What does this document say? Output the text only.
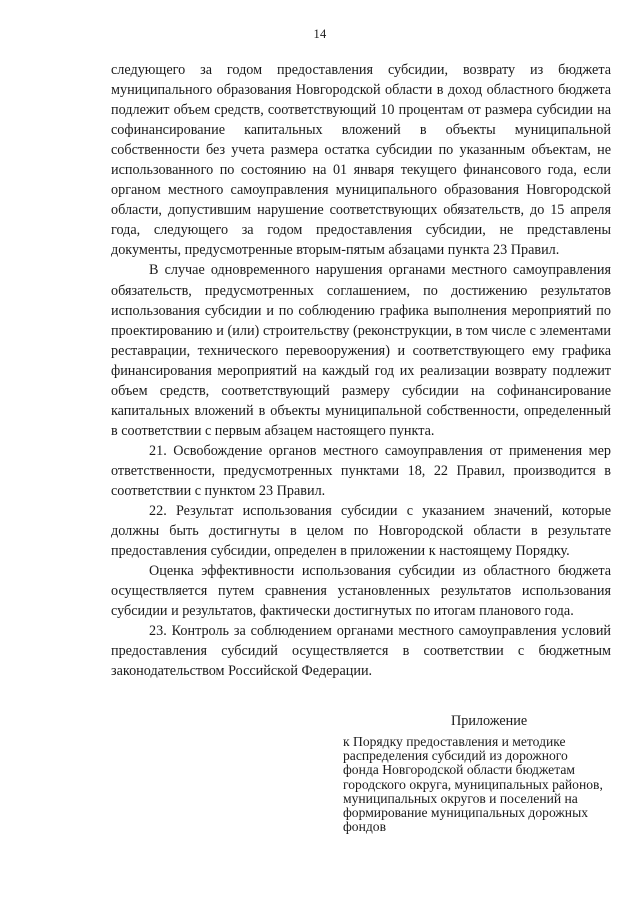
14

следующего за годом предоставления субсидии, возврату из бюджета муниципального образования Новгородской области в доход областного бюджета подлежит объем средств, соответствующий 10 процентам от размера субсидии на софинансирование капитальных вложений в объекты муниципальной собственности без учета размера остатка субсидии по указанным объектам, не использованного по состоянию на 01 января текущего финансового года, если органом местного самоуправления муниципального образования Новгородской области, допустившим нарушение соответствующих обязательств, до 15 апреля года, следующего за годом предоставления субсидии, не представлены документы, предусмотренные вторым-пятым абзацами пункта 23 Правил.

В случае одновременного нарушения органами местного самоуправления обязательств, предусмотренных соглашением, по достижению результатов использования субсидии и по соблюдению графика выполнения мероприятий по проектированию и (или) строительству (реконструкции, в том числе с элементами реставрации, технического перевооружения) и соответствующего ему графика финансирования мероприятий на каждый год их реализации возврату подлежит объем средств, соответствующий размеру субсидии на софинансирование капитальных вложений в объекты муниципальной собственности, определенный в соответствии с первым абзацем настоящего пункта.

21. Освобождение органов местного самоуправления от применения мер ответственности, предусмотренных пунктами 18, 22 Правил, производится в соответствии с пунктом 23 Правил.

22. Результат использования субсидии с указанием значений, которые должны быть достигнуты в целом по Новгородской области в результате предоставления субсидии, определен в приложении к настоящему Порядку.

Оценка эффективности использования субсидии из областного бюджета осуществляется путем сравнения установленных результатов использования субсидии и результатов, фактически достигнутых по итогам планового года.

23. Контроль за соблюдением органами местного самоуправления условий предоставления субсидий осуществляется в соответствии с бюджетным законодательством Российской Федерации.

Приложение
к Порядку предоставления и методике распределения субсидий из дорожного фонда Новгородской области бюджетам городского округа, муниципальных районов, муниципальных округов и поселений на формирование муниципальных дорожных фондов
